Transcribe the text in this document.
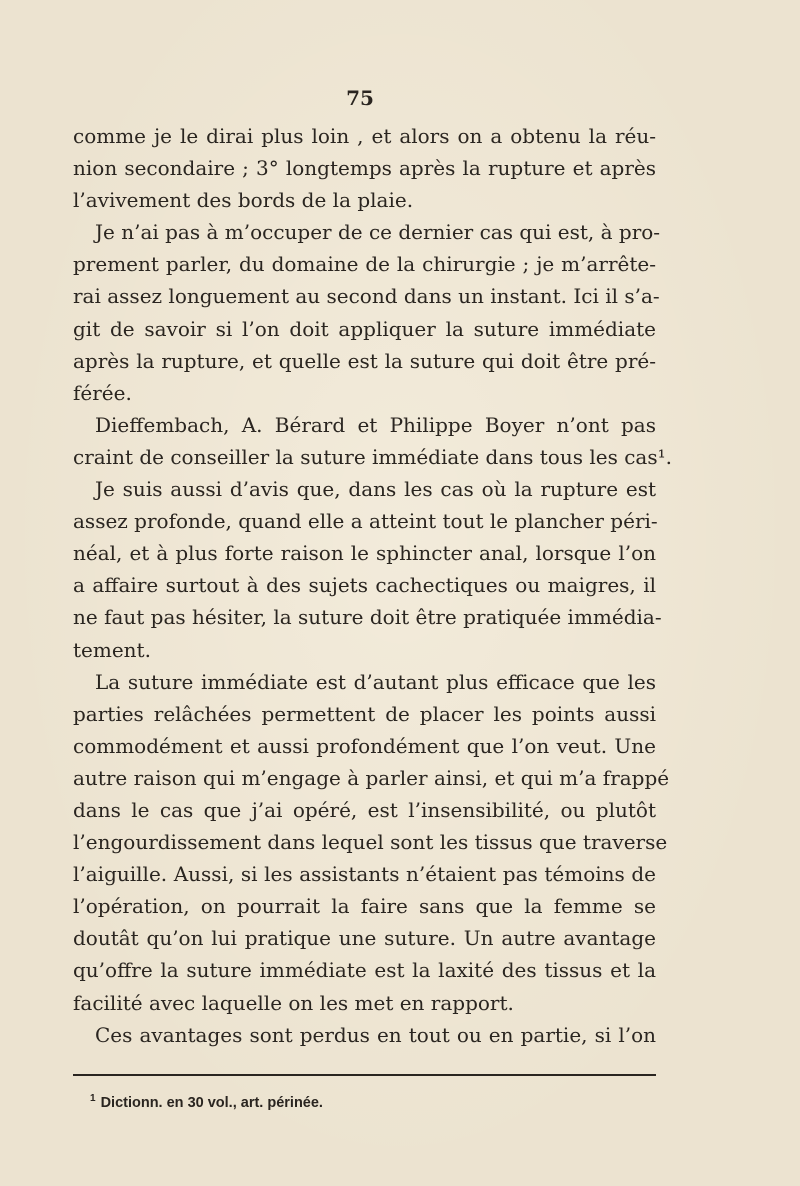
75
comme je le dirai plus loin , et alors on a obtenu la réu-
nion secondaire ; 3° longtemps après la rupture et après
l’avivement des bords de la plaie.
Je n’ai pas à m’occuper de ce dernier cas qui est, à pro-
prement parler, du domaine de la chirurgie ; je m’arrête-
rai assez longuement au second dans un instant. Ici il s’a-
git de savoir si l’on doit appliquer la suture immédiate
après la rupture, et quelle est la suture qui doit être pré-
férée.
Dieffembach, A. Bérard et Philippe Boyer n’ont pas
craint de conseiller la suture immédiate dans tous les cas¹.
Je suis aussi d’avis que, dans les cas où la rupture est
assez profonde, quand elle a atteint tout le plancher péri-
néal, et à plus forte raison le sphincter anal, lorsque l’on
a affaire surtout à des sujets cachectiques ou maigres, il
ne faut pas hésiter, la suture doit être pratiquée immédia-
tement.
La suture immédiate est d’autant plus efficace que les
parties relâchées permettent de placer les points aussi
commodément et aussi profondément que l’on veut. Une
autre raison qui m’engage à parler ainsi, et qui m’a frappé
dans le cas que j’ai opéré, est l’insensibilité, ou plutôt
l’engourdissement dans lequel sont les tissus que traverse
l’aiguille. Aussi, si les assistants n’étaient pas témoins de
l’opération, on pourrait la faire sans que la femme se
doutât qu’on lui pratique une suture. Un autre avantage
qu’offre la suture immédiate est la laxité des tissus et la
facilité avec laquelle on les met en rapport.
Ces avantages sont perdus en tout ou en partie, si l’on
$^1$ Dictionn. en 30 vol., art. périnée.
